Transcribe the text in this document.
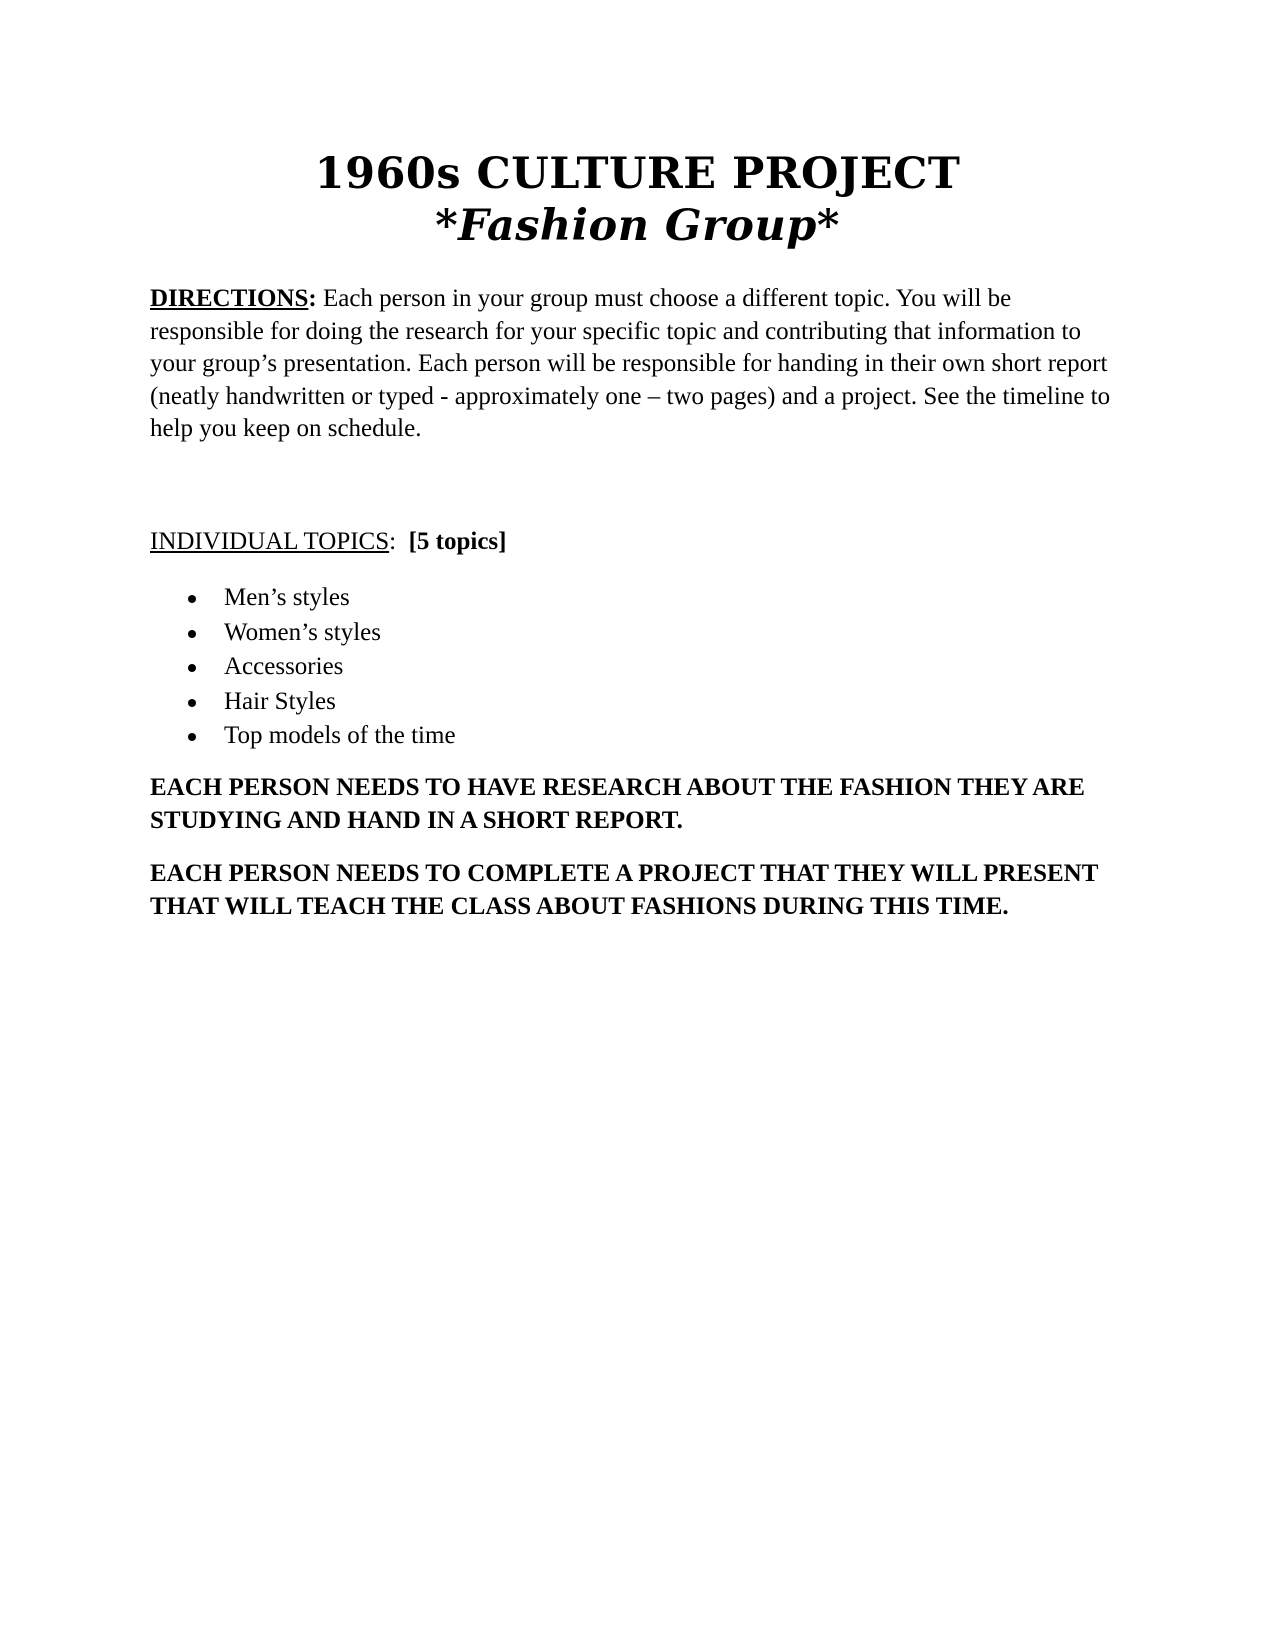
1960s CULTURE PROJECT
*Fashion Group*

DIRECTIONS: Each person in your group must choose a different topic. You will be responsible for doing the research for your specific topic and contributing that information to your group’s presentation. Each person will be responsible for handing in their own short report (neatly handwritten or typed - approximately one – two pages) and a project. See the timeline to help you keep on schedule.

INDIVIDUAL TOPICS: [5 topics]

Men’s styles
Women’s styles
Accessories
Hair Styles
Top models of the time

EACH PERSON NEEDS TO HAVE RESEARCH ABOUT THE FASHION THEY ARE STUDYING AND HAND IN A SHORT REPORT.

EACH PERSON NEEDS TO COMPLETE A PROJECT THAT THEY WILL PRESENT THAT WILL TEACH THE CLASS ABOUT FASHIONS DURING THIS TIME.
